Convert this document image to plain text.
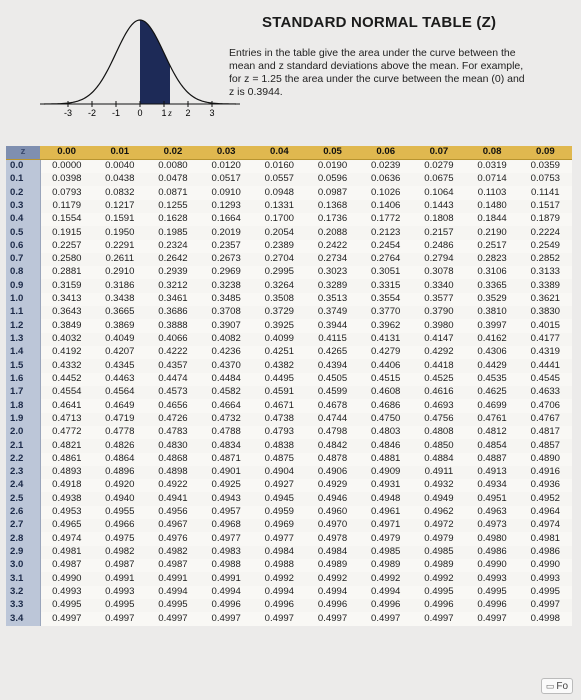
-3 -2 -1 0 1 2 3
z
STANDARD NORMAL TABLE (Z)
Entries in the table give the area under the curve between the mean and z standard deviations above the mean. For example, for z = 1.25 the area under the curve between the mean (0) and z is 0.3944.
z	0.00	0.01	0.02	0.03	0.04	0.05	0.06	0.07	0.08	0.09
0.0	0.0000	0.0040	0.0080	0.0120	0.0160	0.0190	0.0239	0.0279	0.0319	0.0359
0.1	0.0398	0.0438	0.0478	0.0517	0.0557	0.0596	0.0636	0.0675	0.0714	0.0753
0.2	0.0793	0.0832	0.0871	0.0910	0.0948	0.0987	0.1026	0.1064	0.1103	0.1141
0.3	0.1179	0.1217	0.1255	0.1293	0.1331	0.1368	0.1406	0.1443	0.1480	0.1517
0.4	0.1554	0.1591	0.1628	0.1664	0.1700	0.1736	0.1772	0.1808	0.1844	0.1879
0.5	0.1915	0.1950	0.1985	0.2019	0.2054	0.2088	0.2123	0.2157	0.2190	0.2224
0.6	0.2257	0.2291	0.2324	0.2357	0.2389	0.2422	0.2454	0.2486	0.2517	0.2549
0.7	0.2580	0.2611	0.2642	0.2673	0.2704	0.2734	0.2764	0.2794	0.2823	0.2852
0.8	0.2881	0.2910	0.2939	0.2969	0.2995	0.3023	0.3051	0.3078	0.3106	0.3133
0.9	0.3159	0.3186	0.3212	0.3238	0.3264	0.3289	0.3315	0.3340	0.3365	0.3389
1.0	0.3413	0.3438	0.3461	0.3485	0.3508	0.3513	0.3554	0.3577	0.3529	0.3621
1.1	0.3643	0.3665	0.3686	0.3708	0.3729	0.3749	0.3770	0.3790	0.3810	0.3830
1.2	0.3849	0.3869	0.3888	0.3907	0.3925	0.3944	0.3962	0.3980	0.3997	0.4015
1.3	0.4032	0.4049	0.4066	0.4082	0.4099	0.4115	0.4131	0.4147	0.4162	0.4177
1.4	0.4192	0.4207	0.4222	0.4236	0.4251	0.4265	0.4279	0.4292	0.4306	0.4319
1.5	0.4332	0.4345	0.4357	0.4370	0.4382	0.4394	0.4406	0.4418	0.4429	0.4441
1.6	0.4452	0.4463	0.4474	0.4484	0.4495	0.4505	0.4515	0.4525	0.4535	0.4545
1.7	0.4554	0.4564	0.4573	0.4582	0.4591	0.4599	0.4608	0.4616	0.4625	0.4633
1.8	0.4641	0.4649	0.4656	0.4664	0.4671	0.4678	0.4686	0.4693	0.4699	0.4706
1.9	0.4713	0.4719	0.4726	0.4732	0.4738	0.4744	0.4750	0.4756	0.4761	0.4767
2.0	0.4772	0.4778	0.4783	0.4788	0.4793	0.4798	0.4803	0.4808	0.4812	0.4817
2.1	0.4821	0.4826	0.4830	0.4834	0.4838	0.4842	0.4846	0.4850	0.4854	0.4857
2.2	0.4861	0.4864	0.4868	0.4871	0.4875	0.4878	0.4881	0.4884	0.4887	0.4890
2.3	0.4893	0.4896	0.4898	0.4901	0.4904	0.4906	0.4909	0.4911	0.4913	0.4916
2.4	0.4918	0.4920	0.4922	0.4925	0.4927	0.4929	0.4931	0.4932	0.4934	0.4936
2.5	0.4938	0.4940	0.4941	0.4943	0.4945	0.4946	0.4948	0.4949	0.4951	0.4952
2.6	0.4953	0.4955	0.4956	0.4957	0.4959	0.4960	0.4961	0.4962	0.4963	0.4964
2.7	0.4965	0.4966	0.4967	0.4968	0.4969	0.4970	0.4971	0.4972	0.4973	0.4974
2.8	0.4974	0.4975	0.4976	0.4977	0.4977	0.4978	0.4979	0.4979	0.4980	0.4981
2.9	0.4981	0.4982	0.4982	0.4983	0.4984	0.4984	0.4985	0.4985	0.4986	0.4986
3.0	0.4987	0.4987	0.4987	0.4988	0.4988	0.4989	0.4989	0.4989	0.4990	0.4990
3.1	0.4990	0.4991	0.4991	0.4991	0.4992	0.4992	0.4992	0.4992	0.4993	0.4993
3.2	0.4993	0.4993	0.4994	0.4994	0.4994	0.4994	0.4994	0.4995	0.4995	0.4995
3.3	0.4995	0.4995	0.4995	0.4996	0.4996	0.4996	0.4996	0.4996	0.4996	0.4997
3.4	0.4997	0.4997	0.4997	0.4997	0.4997	0.4997	0.4997	0.4997	0.4997	0.4998
▭ Fo
